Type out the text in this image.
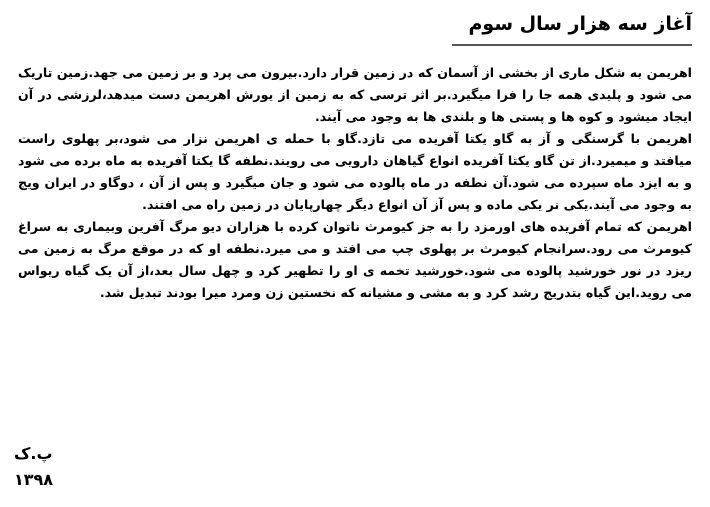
آغاز سه هزار سال سوم

اهریمن به شکل ماری از بخشی از آسمان که در زمین قرار دارد.بیرون می پرد و بر زمین می جهد.زمین تاریک می شود و پلیدی همه جا را فرا میگیرد.بر اثر ترسی که به زمین از یورش اهریمن دست میدهد،لرزشی در آن ایجاد میشود و کوه ها و پستی ها و بلندی ها به وجود می آیند.

اهریمن با گرسنگی و آز به گاو یکتا آفریده می تازد.گاو با حمله ی اهریمن نزار می شود،بر پهلوی راست میافتد و میمیرد.از تن گاو یکتا آفریده انواع گیاهان دارویی می رویند.نطفه گا یکتا آفریده به ماه برده می شود و به ایزد ماه سپرده می شود.آن نطفه در ماه پالوده می شود و جان میگیرد و پس از آن ، دوگاو در ایران ویج به وجود می آیند.یکی نر یکی ماده و پس آز آن انواع دیگر چهارپایان در زمین راه می افتند.

اهریمن که تمام آفریده های اورمزد را به جز کیومرث ناتوان کرده با هزاران دیو مرگ آفرین وبیماری به سراغ کیومرث می رود.سرانجام کیومرث بر پهلوی چپ می افتد و می میرد.نطفه او که در موقع مرگ به زمین می ریزد در نور خورشید پالوده می شود.خورشید تخمه ی او را تطهیر کرد و چهل سال بعد،از آن یک گیاه ریواس می روید.این گیاه بتدریج رشد کرد و به مشی و مشیانه که نخستین زن ومرد میرا بودند تبدیل شد.

پ.ک
۱۳۹۸
